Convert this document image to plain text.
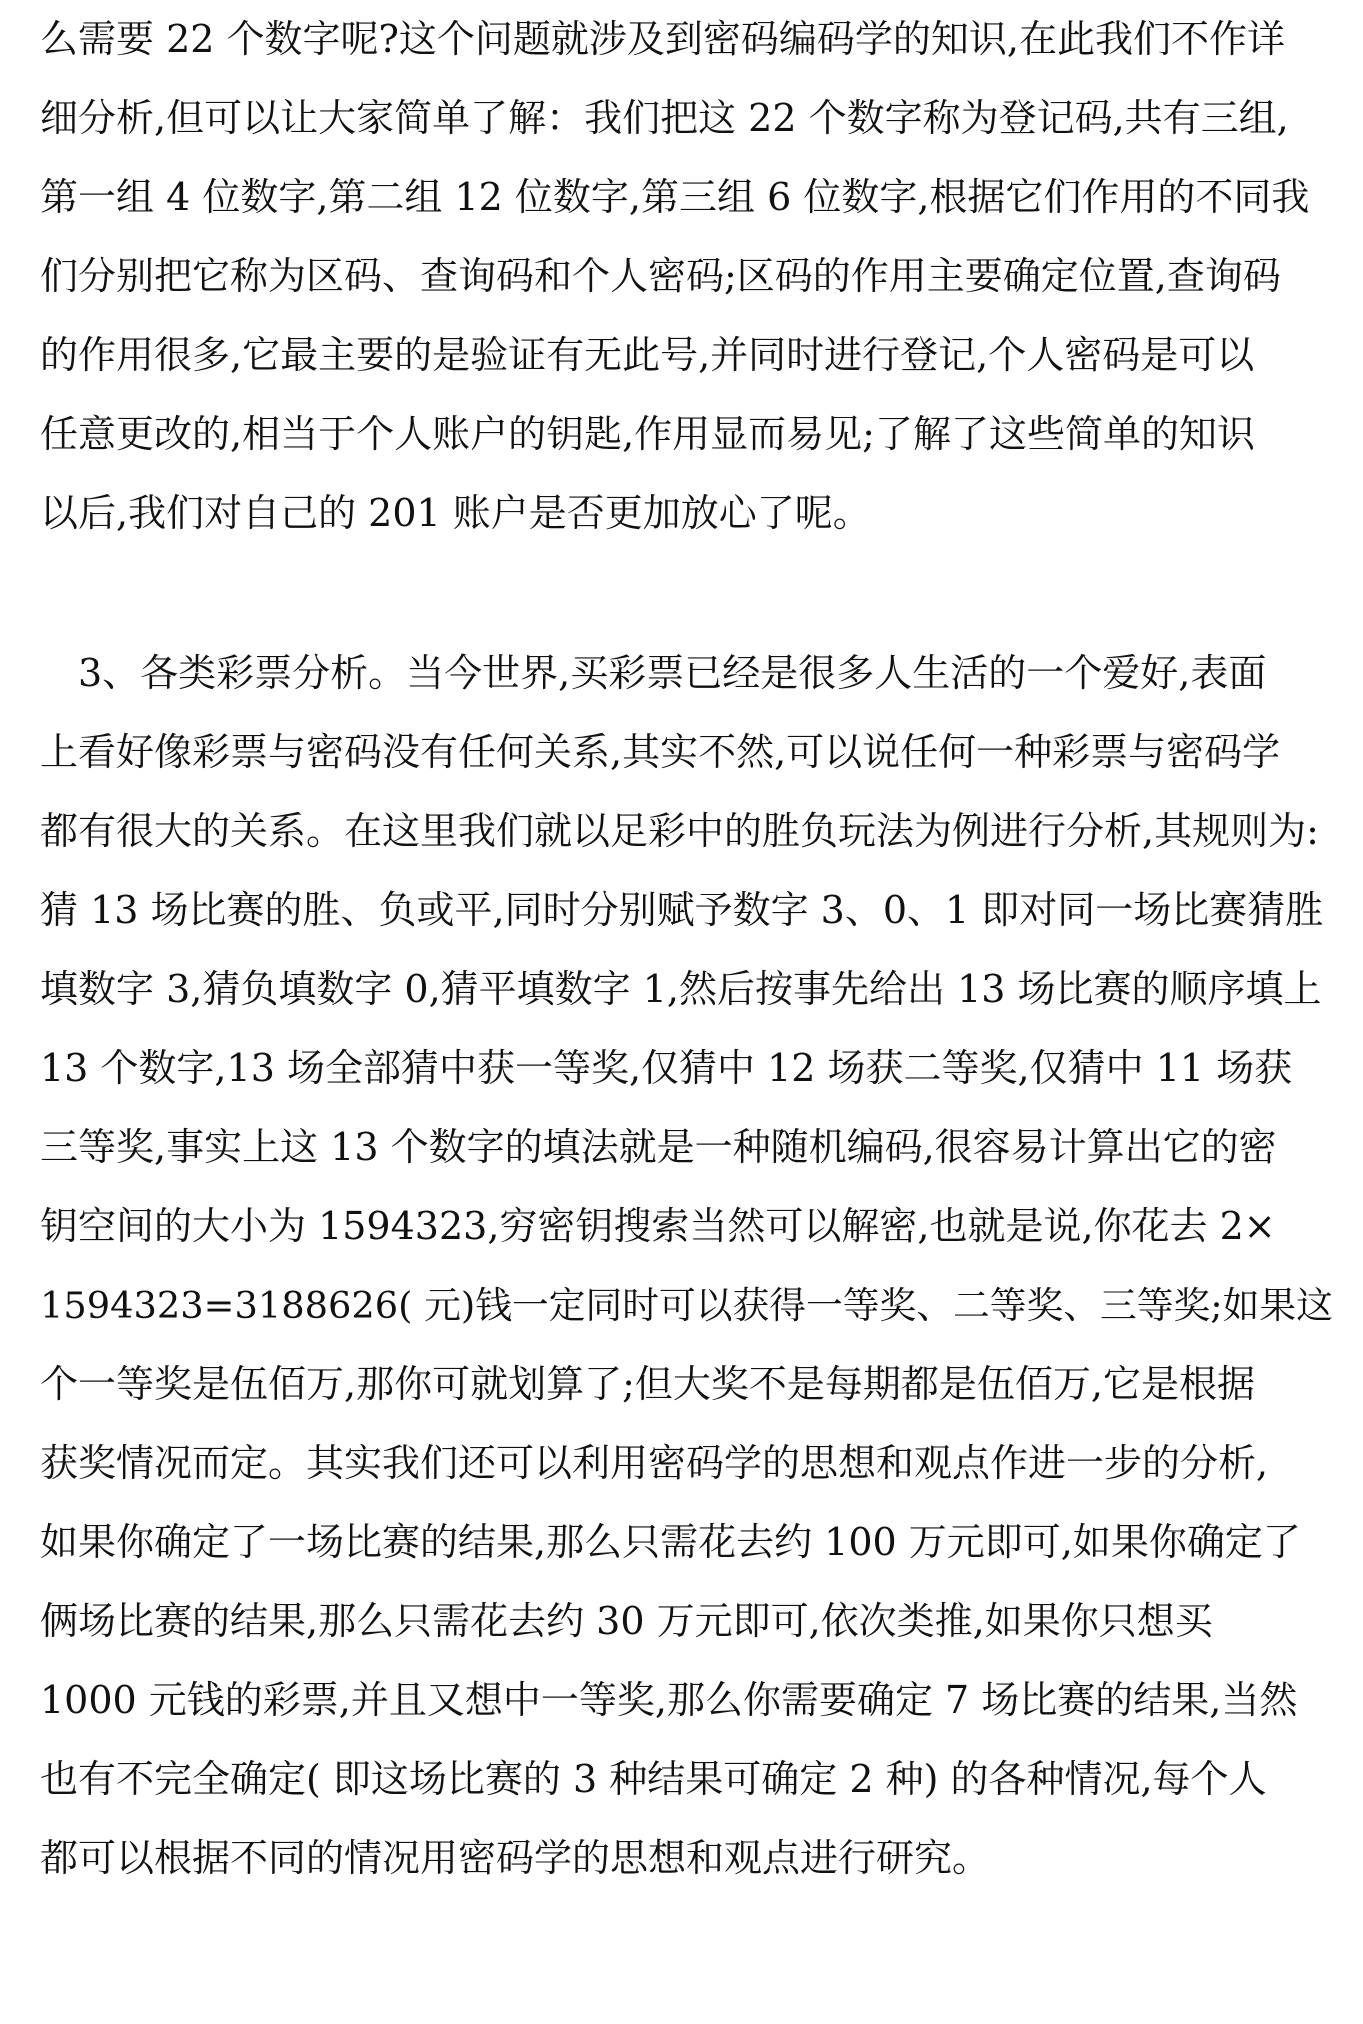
么需要 22 个数字呢?这个问题就涉及到密码编码学的知识,在此我们不作详
细分析,但可以让大家简单了解：我们把这 22 个数字称为登记码,共有三组,
第一组 4 位数字,第二组 12 位数字,第三组 6 位数字,根据它们作用的不同我
们分别把它称为区码、查询码和个人密码;区码的作用主要确定位置,查询码
的作用很多,它最主要的是验证有无此号,并同时进行登记,个人密码是可以
任意更改的,相当于个人账户的钥匙,作用显而易见;了解了这些简单的知识
以后,我们对自己的 201 账户是否更加放心了呢。

　3、各类彩票分析。当今世界,买彩票已经是很多人生活的一个爱好,表面
上看好像彩票与密码没有任何关系,其实不然,可以说任何一种彩票与密码学
都有很大的关系。在这里我们就以足彩中的胜负玩法为例进行分析,其规则为:
猜 13 场比赛的胜、负或平,同时分别赋予数字 3、0、1 即对同一场比赛猜胜
填数字 3,猜负填数字 0,猜平填数字 1,然后按事先给出 13 场比赛的顺序填上
13 个数字,13 场全部猜中获一等奖,仅猜中 12 场获二等奖,仅猜中 11 场获
三等奖,事实上这 13 个数字的填法就是一种随机编码,很容易计算出它的密
钥空间的大小为 1594323,穷密钥搜索当然可以解密,也就是说,你花去 2×
1594323=3188626( 元)钱一定同时可以获得一等奖、二等奖、三等奖;如果这
个一等奖是伍佰万,那你可就划算了;但大奖不是每期都是伍佰万,它是根据
获奖情况而定。其实我们还可以利用密码学的思想和观点作进一步的分析,
如果你确定了一场比赛的结果,那么只需花去约 100 万元即可,如果你确定了
俩场比赛的结果,那么只需花去约 30 万元即可,依次类推,如果你只想买
1000 元钱的彩票,并且又想中一等奖,那么你需要确定 7 场比赛的结果,当然
也有不完全确定( 即这场比赛的 3 种结果可确定 2 种) 的各种情况,每个人
都可以根据不同的情况用密码学的思想和观点进行研究。
